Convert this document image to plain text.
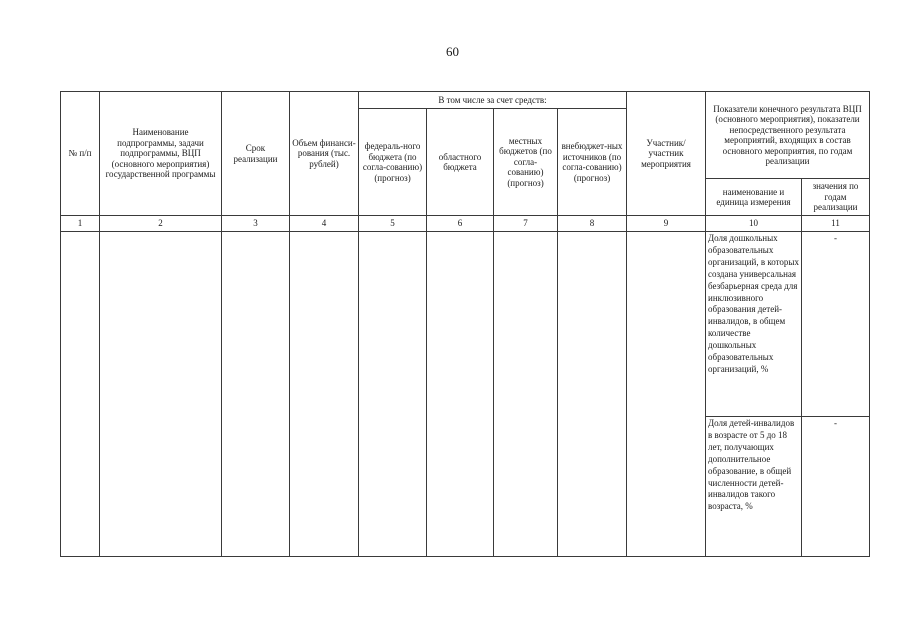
60
№ п/п	Наименование подпрограммы, задачи подпрограммы, ВЦП (основного мероприятия) государственной программы	Срок реализации	Объем финанси-рования (тыс. рублей)	В том числе за счет средств:				Участник/ участник мероприятия	Показатели конечного результата ВЦП (основного мероприятия), показатели непосредственного результата мероприятий, входящих в состав основного мероприятия, по годам реализации	
				федераль-ного бюджета (по согла-сованию) (прогноз)	областного бюджета	местных бюджетов (по согла-сованию) (прогноз)	внебюджет-ных источников (по согла-сованию) (прогноз)			
									наименование и единица измерения	значения по годам реализации
1	2	3	4	5	6	7	8	9	10	11
									Доля дошкольных образовательных организаций, в которых создана универсальная безбарьерная среда для инклюзивного образования детей-инвалидов, в общем количестве дошкольных образовательных организаций, %	-
									Доля детей-инвалидов в возрасте от 5 до 18 лет, получающих дополнительное образование, в общей численности детей-инвалидов такого возраста, %	-
